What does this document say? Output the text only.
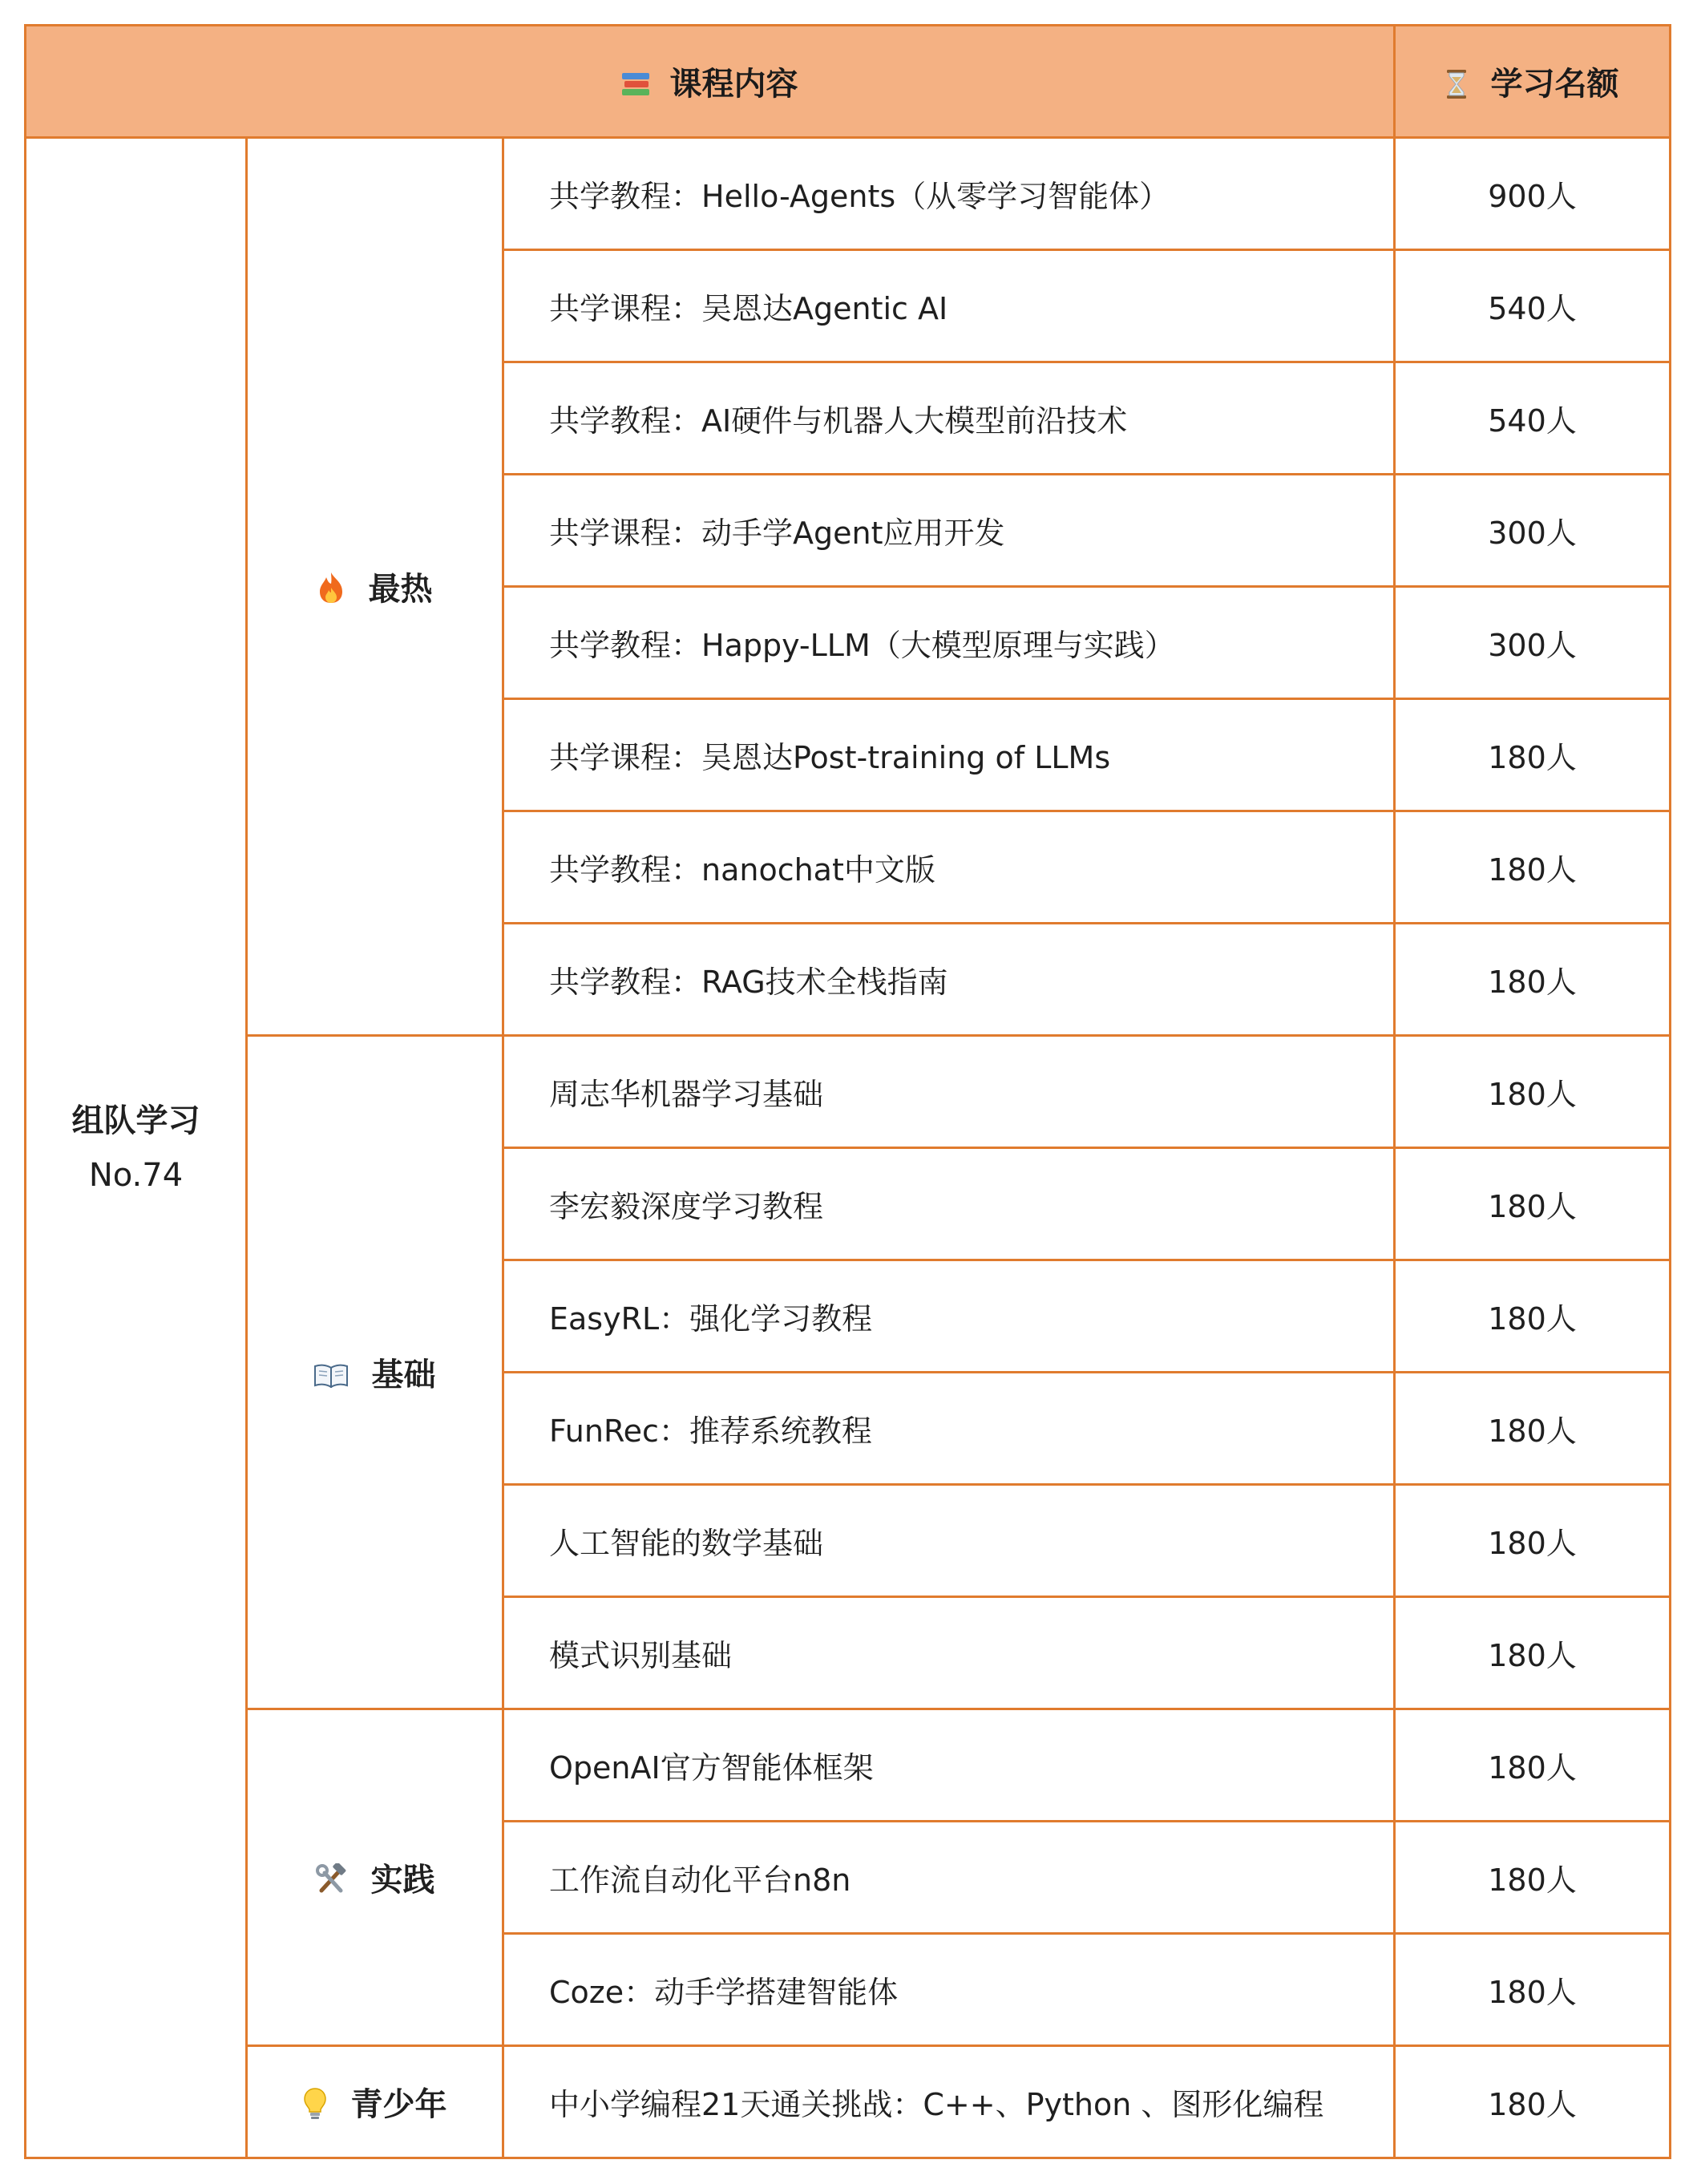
课程内容			学习名额

组队学习
No.74	最热	共学教程：Hello-Agents（从零学习智能体）	900人
		共学课程：吴恩达Agentic AI	540人
		共学教程：AI硬件与机器人大模型前沿技术	540人
		共学课程：动手学Agent应用开发	300人
		共学教程：Happy-LLM（大模型原理与实践）	300人
		共学课程：吴恩达Post-training of LLMs	180人
		共学教程：nanochat中文版	180人
		共学教程：RAG技术全栈指南	180人
	基础	周志华机器学习基础	180人
		李宏毅深度学习教程	180人
		EasyRL：强化学习教程	180人
		FunRec：推荐系统教程	180人
		人工智能的数学基础	180人
		模式识别基础	180人
	实践	OpenAI官方智能体框架	180人
		工作流自动化平台n8n	180人
		Coze：动手学搭建智能体	180人
	青少年	中小学编程21天通关挑战：C++、Python 、图形化编程	180人
